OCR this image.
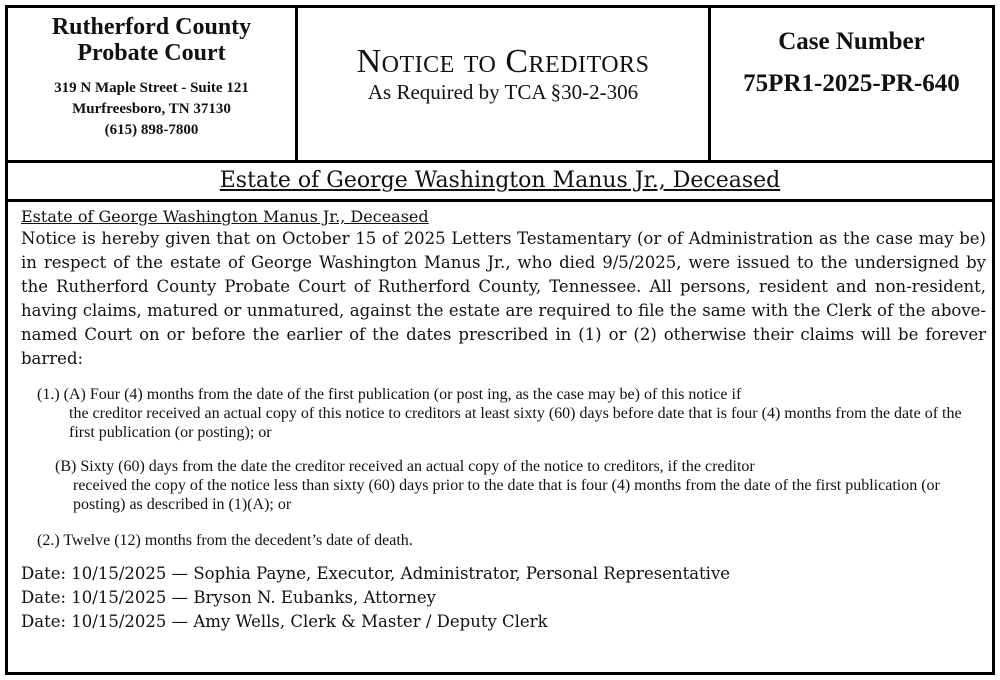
Rutherford County
Probate Court
319 N Maple Street - Suite 121
Murfreesboro, TN 37130
(615) 898-7800
Notice to Creditors
As Required by TCA §30-2-306
Case Number
75PR1-2025-PR-640
Estate of George Washington Manus Jr., Deceased
Estate of George Washington Manus Jr., Deceased

Notice is hereby given that on October 15 of 2025 Letters Testamentary (or of Administration as the case may be) in respect of the estate of George Washington Manus Jr., who died 9/5/2025, were issued to the undersigned by the Rutherford County Probate Court of Rutherford County, Tennessee. All persons, resident and non-resident, having claims, matured or unmatured, against the estate are required to file the same with the Clerk of the above-named Court on or before the earlier of the dates prescribed in (1) or (2) otherwise their claims will be forever barred:

(1.) (A) Four (4) months from the date of the first publication (or post ing, as the case may be) of this notice if
the creditor received an actual copy of this notice to creditors at least sixty (60) days before date that is four (4) months from the date of the first publication (or posting); or

(B) Sixty (60) days from the date the creditor received an actual copy of the notice to creditors, if the creditor
received the copy of the notice less than sixty (60) days prior to the date that is four (4) months from the date of the first publication (or posting) as described in (1)(A); or

(2.) Twelve (12) months from the decedent’s date of death.

Date: 10/15/2025 — Sophia Payne, Executor, Administrator, Personal Representative
Date: 10/15/2025 — Bryson N. Eubanks, Attorney
Date: 10/15/2025 — Amy Wells, Clerk & Master / Deputy Clerk
